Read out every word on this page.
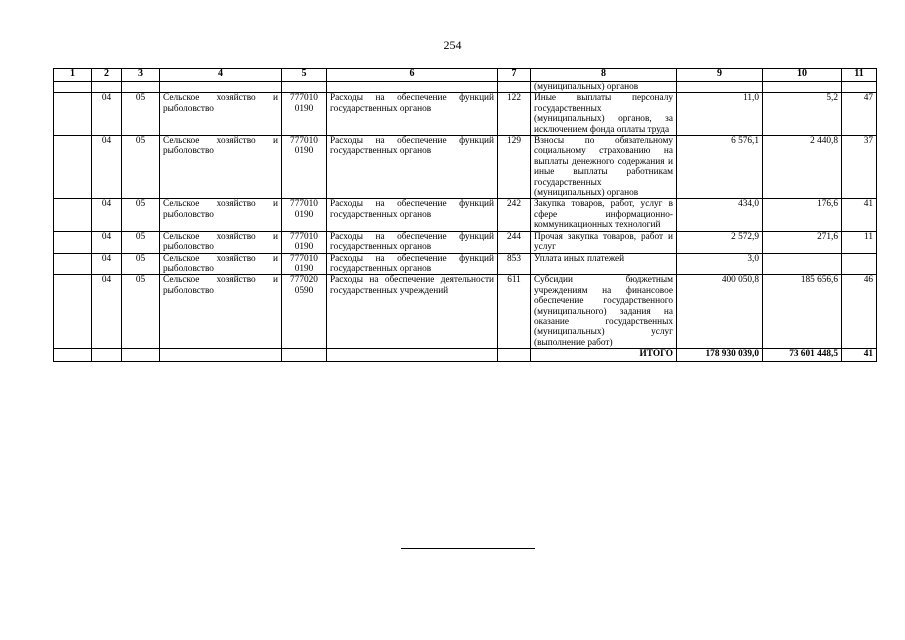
254
1	2	3	4	5	6	7	8	9	10	11
							(муниципальных) органов			
	04	05	Сельское хозяйство и рыболовство	777010 0190	Расходы на обеспечение функций государственных органов	122	Иные выплаты персоналу государственных (муниципальных) органов, за исключением фонда оплаты труда	11,0	5,2	47
	04	05	Сельское хозяйство и рыболовство	777010 0190	Расходы на обеспечение функций государственных органов	129	Взносы по обязательному социальному страхованию на выплаты денежного содержания и иные выплаты работникам государственных (муниципальных) органов	6 576,1	2 440,8	37
	04	05	Сельское хозяйство и рыболовство	777010 0190	Расходы на обеспечение функций государственных органов	242	Закупка товаров, работ, услуг в сфере информационно-коммуникационных технологий	434,0	176,6	41
	04	05	Сельское хозяйство и рыболовство	777010 0190	Расходы на обеспечение функций государственных органов	244	Прочая закупка товаров, работ и услуг	2 572,9	271,6	11
	04	05	Сельское хозяйство и рыболовство	777010 0190	Расходы на обеспечение функций государственных органов	853	Уплата иных платежей	3,0		
	04	05	Сельское хозяйство и рыболовство	777020 0590	Расходы на обеспечение деятельности государственных учреждений	611	Субсидии бюджетным учреждениям на финансовое обеспечение государственного (муниципального) задания на оказание государственных (муниципальных) услуг (выполнение работ)	400 050,8	185 656,6	46
							ИТОГО	178 930 039,0	73 601 448,5	41
